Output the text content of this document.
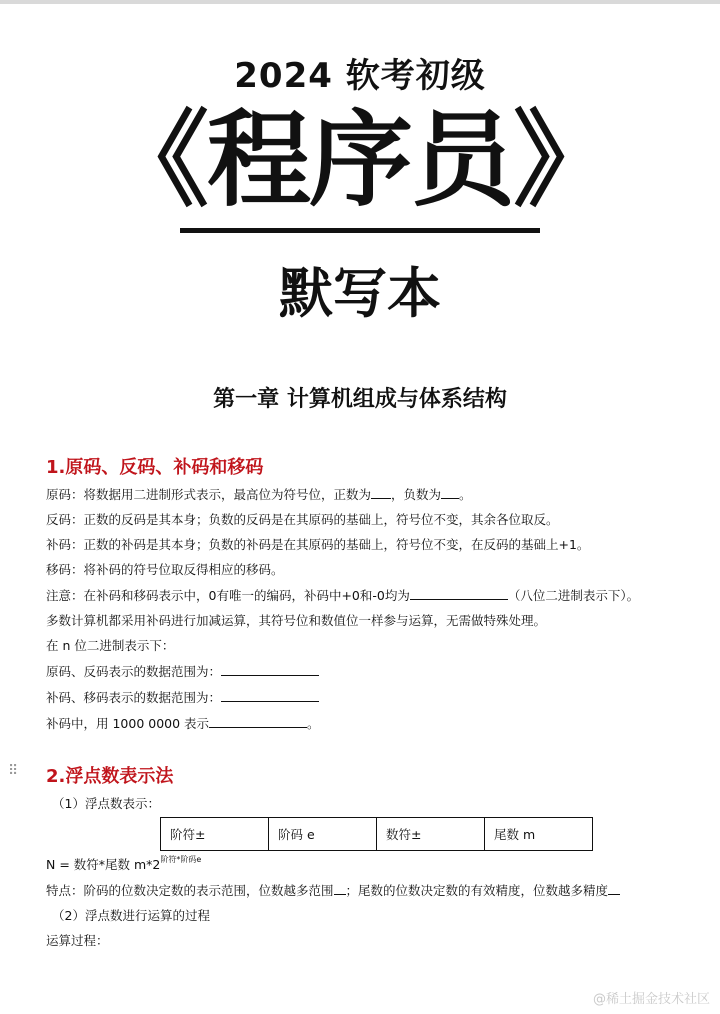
2024 软考初级
《程序员》
默写本
第一章 计算机组成与体系结构
1.原码、反码、补码和移码
原码：将数据用二进制形式表示，最高位为符号位，正数为 ，负数为 。
反码：正数的反码是其本身；负数的反码是在其原码的基础上，符号位不变，其余各位取反。
补码：正数的补码是其本身；负数的补码是在其原码的基础上，符号位不变，在反码的基础上+1。
移码：将补码的符号位取反得相应的移码。
注意：在补码和移码表示中，0有唯一的编码，补码中+0和-0均为	（八位二进制表示下）。
多数计算机都采用补码进行加减运算，其符号位和数值位一样参与运算，无需做特殊处理。
在 n 位二进制表示下：
原码、反码表示的数据范围为：
补码、移码表示的数据范围为：
补码中，用 1000 0000 表示	。
⠿ 2.浮点数表示法
（1）浮点数表示：
阶符±	阶码 e	数符±	尾数 m
N = 数符*尾数 $m*2^{阶符*阶码e}$
特点：阶码的位数决定数的表示范围，位数越多范围 ；尾数的位数决定数的有效精度，位数越多精度
（2）浮点数进行运算的过程
运算过程：
@稀土掘金技术社区
